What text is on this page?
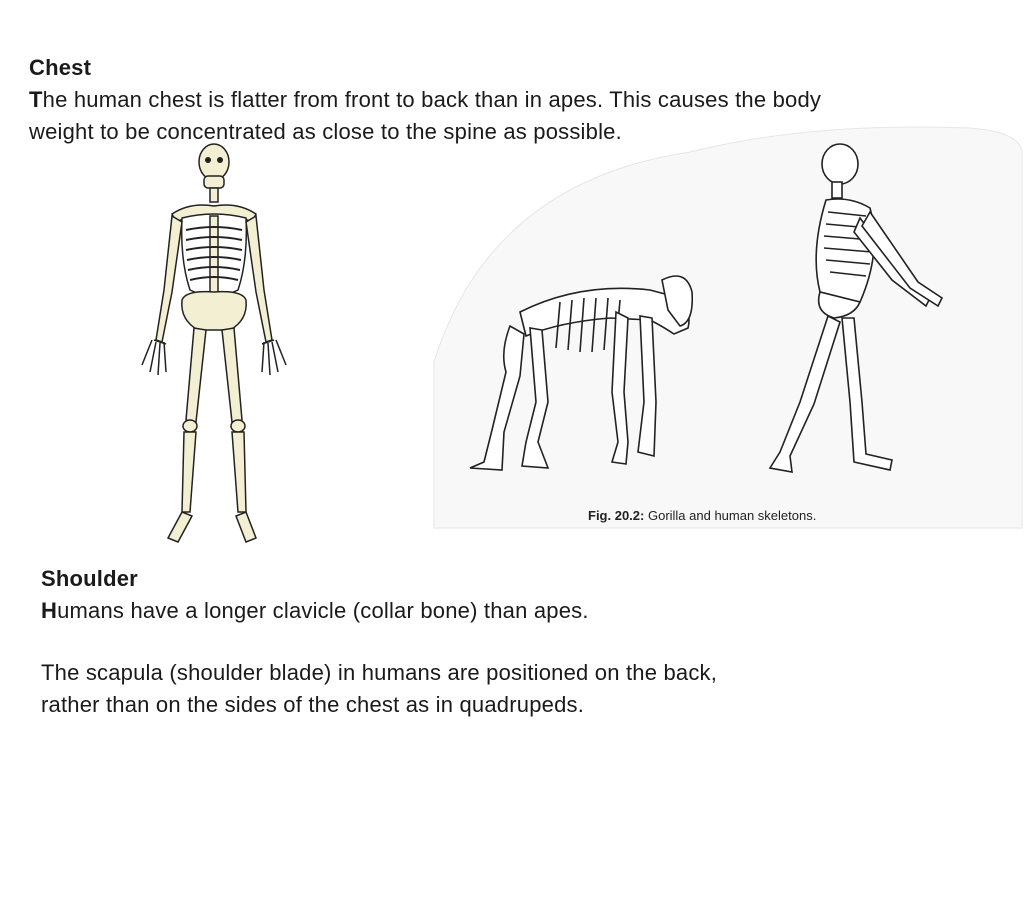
Chest
The human chest is flatter from front to back than in apes. This causes the body
weight to be concentrated as close to the spine as possible.
Fig. 20.2: Gorilla and human skeletons.
Shoulder
Humans have a longer clavicle (collar bone) than apes.
The scapula (shoulder blade) in humans are positioned on the back,
rather than on the sides of the chest as in quadrupeds.
